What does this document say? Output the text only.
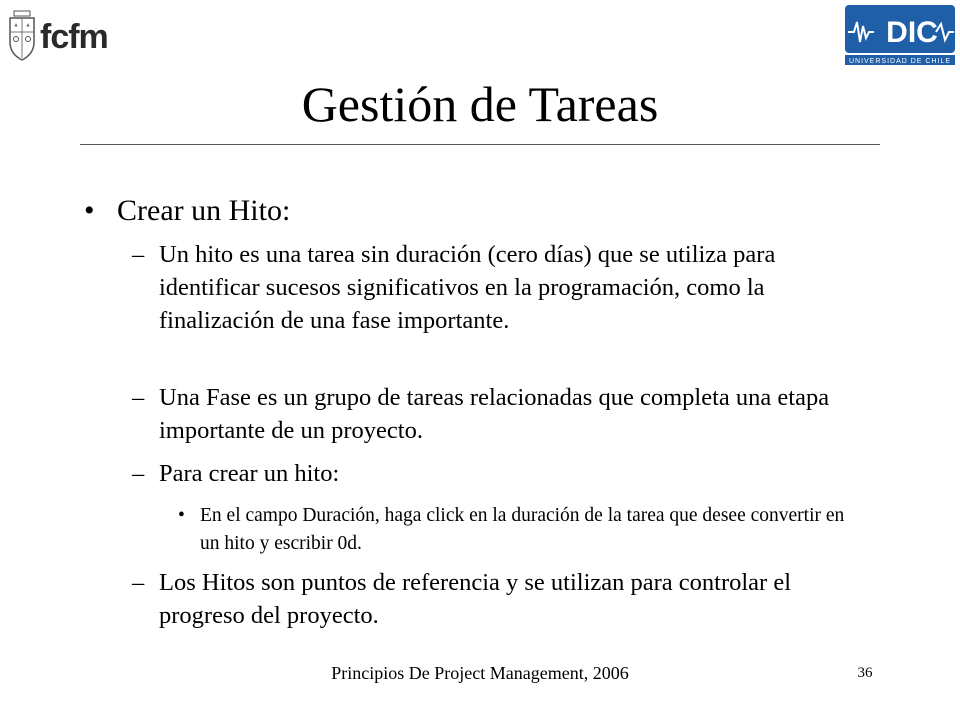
fcfm	DIC
UNIVERSIDAD DE CHILE
Gestión de Tareas
• Crear un Hito:
– Un hito es una tarea sin duración (cero días) que se utiliza para identificar sucesos significativos en la programación, como la finalización de una fase importante.
– Una Fase es un grupo de tareas relacionadas que completa una etapa importante de un proyecto.
– Para crear un hito:
• En el campo Duración, haga click en la duración de la tarea que desee convertir en un hito y escribir 0d.
– Los Hitos son puntos de referencia y se utilizan para controlar el progreso del proyecto.
Principios De Project Management, 2006	36
